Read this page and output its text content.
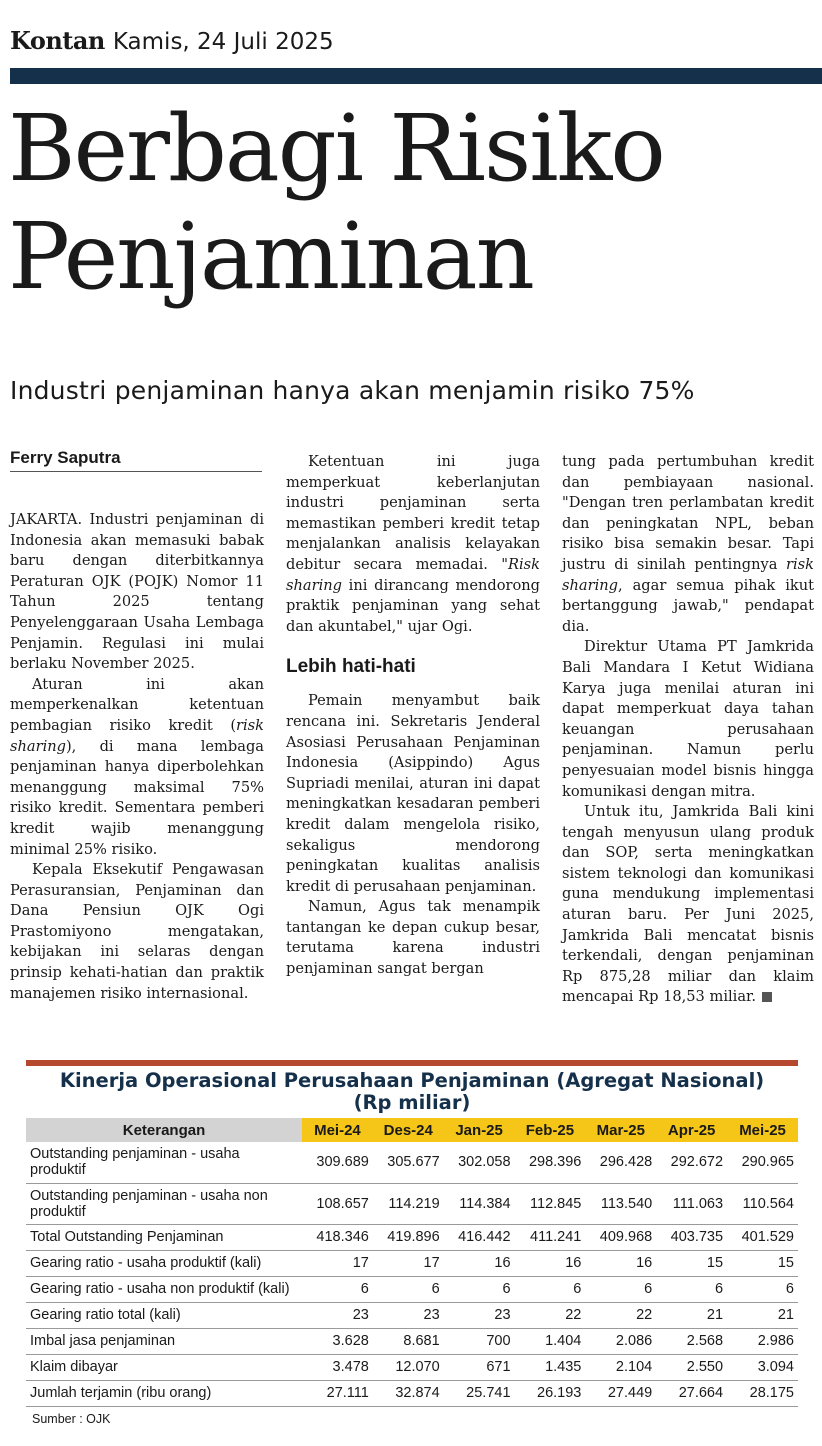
Kontan Kamis, 24 Juli 2025
Berbagi Risiko
Penjaminan
Industri penjaminan hanya akan menjamin risiko 75%
Ferry Saputra

JAKARTA. Industri penjaminan di Indonesia akan memasuki babak baru dengan diterbitkannya Peraturan OJK (POJK) Nomor 11 Tahun 2025 tentang Penyelenggaraan Usaha Lembaga Penjamin. Regulasi ini mulai berlaku November 2025.

Aturan ini akan memperkenalkan ketentuan pembagian risiko kredit (risk sharing), di mana lembaga penjaminan hanya diperbolehkan menanggung maksimal 75% risiko kredit. Sementara pemberi kredit wajib menanggung minimal 25% risiko.

Kepala Eksekutif Pengawasan Perasuransian, Penjaminan dan Dana Pensiun OJK Ogi Prastomiyono mengatakan, kebijakan ini selaras dengan prinsip kehati-hatian dan praktik manajemen risiko internasional.

Ketentuan ini juga memperkuat keberlanjutan industri penjaminan serta memastikan pemberi kredit tetap menjalankan analisis kelayakan debitur secara memadai. "Risk sharing ini dirancang mendorong praktik penjaminan yang sehat dan akuntabel," ujar Ogi.

Lebih hati-hati

Pemain menyambut baik rencana ini. Sekretaris Jenderal Asosiasi Perusahaan Penjaminan Indonesia (Asippindo) Agus Supriadi menilai, aturan ini dapat meningkatkan kesadaran pemberi kredit dalam mengelola risiko, sekaligus mendorong peningkatan kualitas analisis kredit di perusahaan penjaminan.

Namun, Agus tak menampik tantangan ke depan cukup besar, terutama karena industri penjaminan sangat bergan

tung pada pertumbuhan kredit dan pembiayaan nasional. "Dengan tren perlambatan kredit dan peningkatan NPL, beban risiko bisa semakin besar. Tapi justru di sinilah pentingnya risk sharing, agar semua pihak ikut bertanggung jawab," pendapat dia.

Direktur Utama PT Jamkrida Bali Mandara I Ketut Widiana Karya juga menilai aturan ini dapat memperkuat daya tahan keuangan perusahaan penjaminan. Namun perlu penyesuaian model bisnis hingga komunikasi dengan mitra.

Untuk itu, Jamkrida Bali kini tengah menyusun ulang produk dan SOP, serta meningkatkan sistem teknologi dan komunikasi guna mendukung implementasi aturan baru. Per Juni 2025, Jamkrida Bali mencatat bisnis terkendali, dengan penjaminan Rp 875,28 miliar dan klaim mencapai Rp 18,53 miliar.

Kinerja Operasional Perusahaan Penjaminan (Agregat Nasional)
(Rp miliar)
Keterangan	Mei-24	Des-24	Jan-25	Feb-25	Mar-25	Apr-25	Mei-25
Outstanding penjaminan - usaha produktif	309.689	305.677	302.058	298.396	296.428	292.672	290.965
Outstanding penjaminan - usaha non produktif	108.657	114.219	114.384	112.845	113.540	111.063	110.564
Total Outstanding Penjaminan	418.346	419.896	416.442	411.241	409.968	403.735	401.529
Gearing ratio - usaha produktif (kali)	17	17	16	16	16	15	15
Gearing ratio - usaha non produktif (kali)	6	6	6	6	6	6	6
Gearing ratio total (kali)	23	23	23	22	22	21	21
Imbal jasa penjaminan	3.628	8.681	700	1.404	2.086	2.568	2.986
Klaim dibayar	3.478	12.070	671	1.435	2.104	2.550	3.094
Jumlah terjamin (ribu orang)	27.111	32.874	25.741	26.193	27.449	27.664	28.175
Sumber : OJK
